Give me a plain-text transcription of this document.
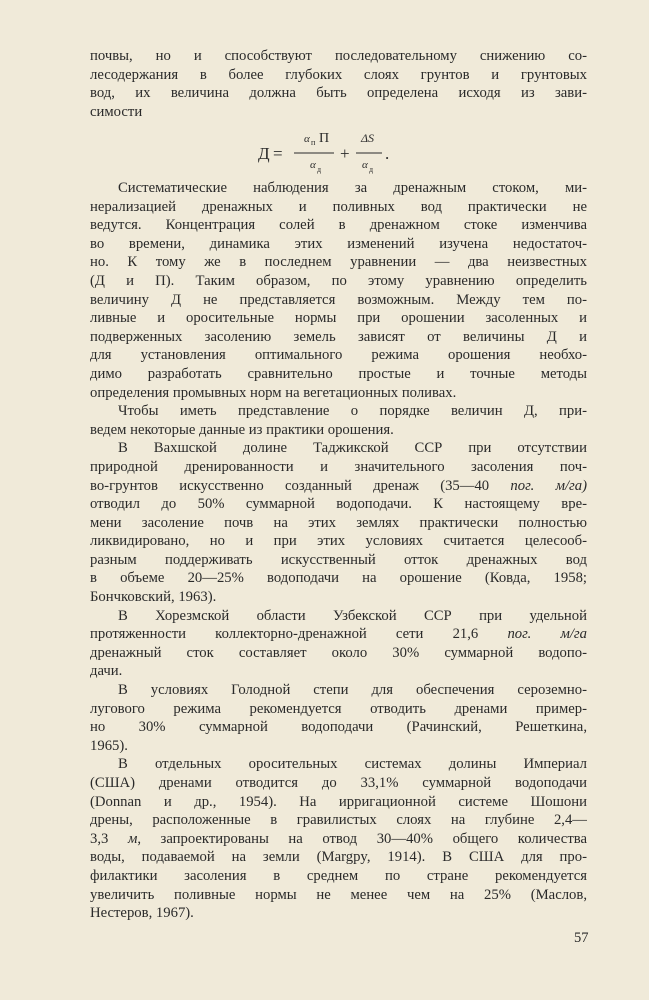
почвы, но и способствуют последовательному снижению со-
лесодержания в более глубоких слоях грунтов и грунтовых
вод, их величина должна быть определена исходя из зави-
симости
Д =
α п П
α д
+
ΔS
α д
.
Систематические наблюдения за дренажным стоком, ми-
нерализацией дренажных и поливных вод практически не
ведутся. Концентрация солей в дренажном стоке изменчива
во времени, динамика этих изменений изучена недостаточ-
но. К тому же в последнем уравнении — два неизвестных
(Д и П). Таким образом, по этому уравнению определить
величину Д не представляется возможным. Между тем по-
ливные и оросительные нормы при орошении засоленных и
подверженных засолению земель зависят от величины Д и
для установления оптимального режима орошения необхо-
димо разработать сравнительно простые и точные методы
определения промывных норм на вегетационных поливах.
Чтобы иметь представление о порядке величин Д, при-
ведем некоторые данные из практики орошения.
В Вахшской долине Таджикской ССР при отсутствии
природной дренированности и значительного засоления поч-
во-грунтов искусственно созданный дренаж (35—40 пог. м/га)
отводил до 50% суммарной водоподачи. К настоящему вре-
мени засоление почв на этих землях практически полностью
ликвидировано, но и при этих условиях считается целесооб-
разным поддерживать искусственный отток дренажных вод
в объеме 20—25% водоподачи на орошение (Ковда, 1958;
Бончковский, 1963).
В Хорезмской области Узбекской ССР при удельной
протяженности коллекторно-дренажной сети 21,6 пог. м/га
дренажный сток составляет около 30% суммарной водопо-
дачи.
В условиях Голодной степи для обеспечения сероземно-
лугового режима рекомендуется отводить дренами пример-
но 30% суммарной водоподачи (Рачинский, Решеткина,
1965).
В отдельных оросительных системах долины Империал
(США) дренами отводится до 33,1% суммарной водоподачи
(Donnan и др., 1954). На ирригационной системе Шошони
дрены, расположенные в гравилистых слоях на глубине 2,4—
3,3 м, запроектированы на отвод 30—40% общего количества
воды, подаваемой на земли (Margpy, 1914). В США для про-
филактики засоления в среднем по стране рекомендуется
увеличить поливные нормы не менее чем на 25% (Маслов,
Нестеров, 1967).
57
